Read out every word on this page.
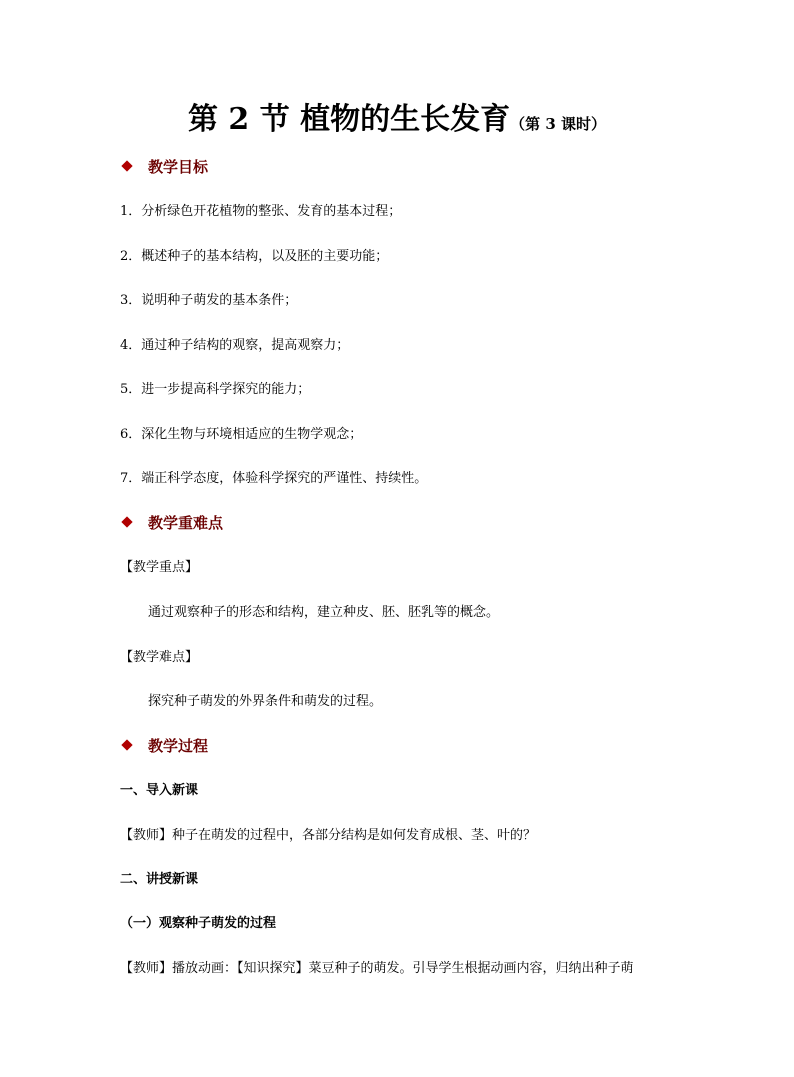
第 2 节 植物的生长发育（第 3 课时）
教学目标
1．分析绿色开花植物的整张、发育的基本过程；
2．概述种子的基本结构，以及胚的主要功能；
3．说明种子萌发的基本条件；
4．通过种子结构的观察，提高观察力；
5．进一步提高科学探究的能力；
6．深化生物与环境相适应的生物学观念；
7．端正科学态度，体验科学探究的严谨性、持续性。
教学重难点
【教学重点】
通过观察种子的形态和结构，建立种皮、胚、胚乳等的概念。
【教学难点】
探究种子萌发的外界条件和萌发的过程。
教学过程
一、导入新课
【教师】种子在萌发的过程中，各部分结构是如何发育成根、茎、叶的？
二、讲授新课
（一）观察种子萌发的过程
【教师】播放动画：【知识探究】菜豆种子的萌发。引导学生根据动画内容，归纳出种子萌
